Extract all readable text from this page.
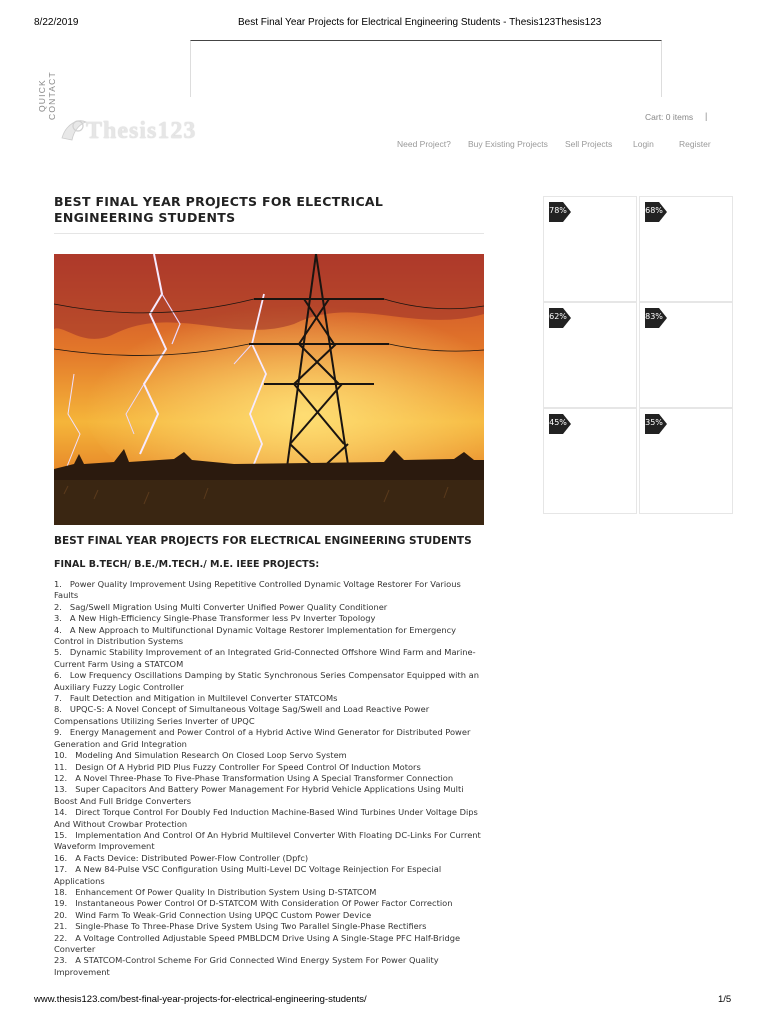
8/22/2019	Best Final Year Projects for Electrical Engineering Students - Thesis123Thesis123
www.thesis123.com/best-final-year-projects-for-electrical-engineering-students/	1/5
QUICK CONTACT
Thesis123
Cart: 0 items |
Need Project? Buy Existing Projects Sell Projects Login	Register
BEST FINAL YEAR PROJECTS FOR ELECTRICAL ENGINEERING STUDENTS
BEST FINAL YEAR PROJECTS FOR ELECTRICAL ENGINEERING STUDENTS
FINAL B.TECH/ B.E./M.TECH./ M.E. IEEE PROJECTS:
1. Power Quality Improvement Using Repetitive Controlled Dynamic Voltage Restorer For Various Faults
2. Sag/Swell Migration Using Multi Converter Unified Power Quality Conditioner
3. A New High-Efficiency Single-Phase Transformer less Pv Inverter Topology
4. A New Approach to Multifunctional Dynamic Voltage Restorer Implementation for Emergency Control in Distribution Systems
5. Dynamic Stability Improvement of an Integrated Grid-Connected Offshore Wind Farm and Marine-Current Farm Using a STATCOM
6. Low Frequency Oscillations Damping by Static Synchronous Series Compensator Equipped with an Auxiliary Fuzzy Logic Controller
7. Fault Detection and Mitigation in Multilevel Converter STATCOMs
8. UPQC-S: A Novel Concept of Simultaneous Voltage Sag/Swell and Load Reactive Power Compensations Utilizing Series Inverter of UPQC
9. Energy Management and Power Control of a Hybrid Active Wind Generator for Distributed Power Generation and Grid Integration
10. Modeling And Simulation Research On Closed Loop Servo System
11. Design Of A Hybrid PID Plus Fuzzy Controller For Speed Control Of Induction Motors
12. A Novel Three-Phase To Five-Phase Transformation Using A Special Transformer Connection
13. Super Capacitors And Battery Power Management For Hybrid Vehicle Applications Using Multi Boost And Full Bridge Converters
14. Direct Torque Control For Doubly Fed Induction Machine-Based Wind Turbines Under Voltage Dips And Without Crowbar Protection
15. Implementation And Control Of An Hybrid Multilevel Converter With Floating DC-Links For Current Waveform Improvement
16. A Facts Device: Distributed Power-Flow Controller (Dpfc)
17. A New 84-Pulse VSC Configuration Using Multi-Level DC Voltage Reinjection For Especial Applications
18. Enhancement Of Power Quality In Distribution System Using D-STATCOM
19. Instantaneous Power Control Of D-STATCOM With Consideration Of Power Factor Correction
20. Wind Farm To Weak-Grid Connection Using UPQC Custom Power Device
21. Single-Phase To Three-Phase Drive System Using Two Parallel Single-Phase Rectifiers
22. A Voltage Controlled Adjustable Speed PMBLDCM Drive Using A Single-Stage PFC Half-Bridge Converter
23. A STATCOM-Control Scheme For Grid Connected Wind Energy System For Power Quality Improvement
78%	68%
62%	83%
45%	35%
